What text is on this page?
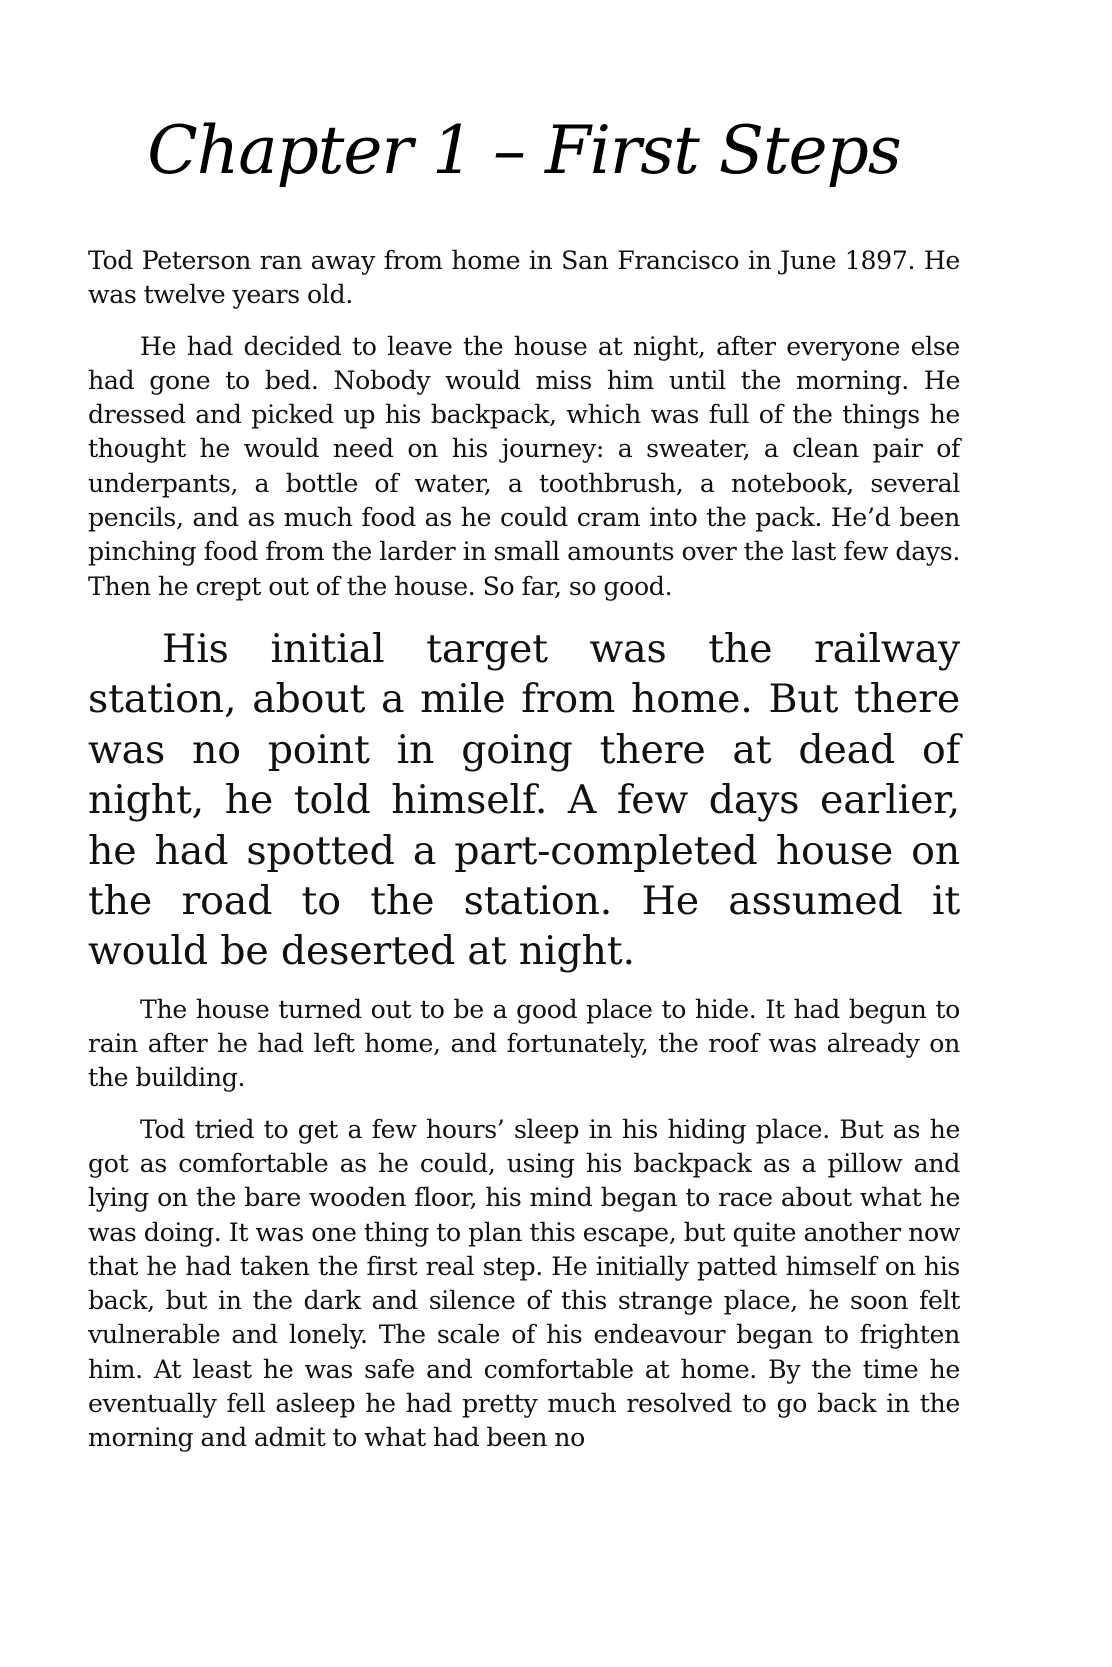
Chapter 1 – First Steps

Tod Peterson ran away from home in San Francisco in June 1897. He was twelve years old.

He had decided to leave the house at night, after everyone else had gone to bed. Nobody would miss him until the morning. He dressed and picked up his backpack, which was full of the things he thought he would need on his journey: a sweater, a clean pair of underpants, a bottle of water, a toothbrush, a notebook, several pencils, and as much food as he could cram into the pack. He’d been pinching food from the larder in small amounts over the last few days. Then he crept out of the house. So far, so good.

His initial target was the railway station, about a mile from home. But there was no point in going there at dead of night, he told himself. A few days earlier, he had spotted a part-completed house on the road to the station. He assumed it would be deserted at night.

The house turned out to be a good place to hide. It had begun to rain after he had left home, and fortunately, the roof was already on the building.

Tod tried to get a few hours’ sleep in his hiding place. But as he got as comfortable as he could, using his backpack as a pillow and lying on the bare wooden floor, his mind began to race about what he was doing. It was one thing to plan this escape, but quite another now that he had taken the first real step. He initially patted himself on his back, but in the dark and silence of this strange place, he soon felt vulnerable and lonely. The scale of his endeavour began to frighten him. At least he was safe and comfortable at home. By the time he eventually fell asleep he had pretty much resolved to go back in the morning and admit to what had been no
